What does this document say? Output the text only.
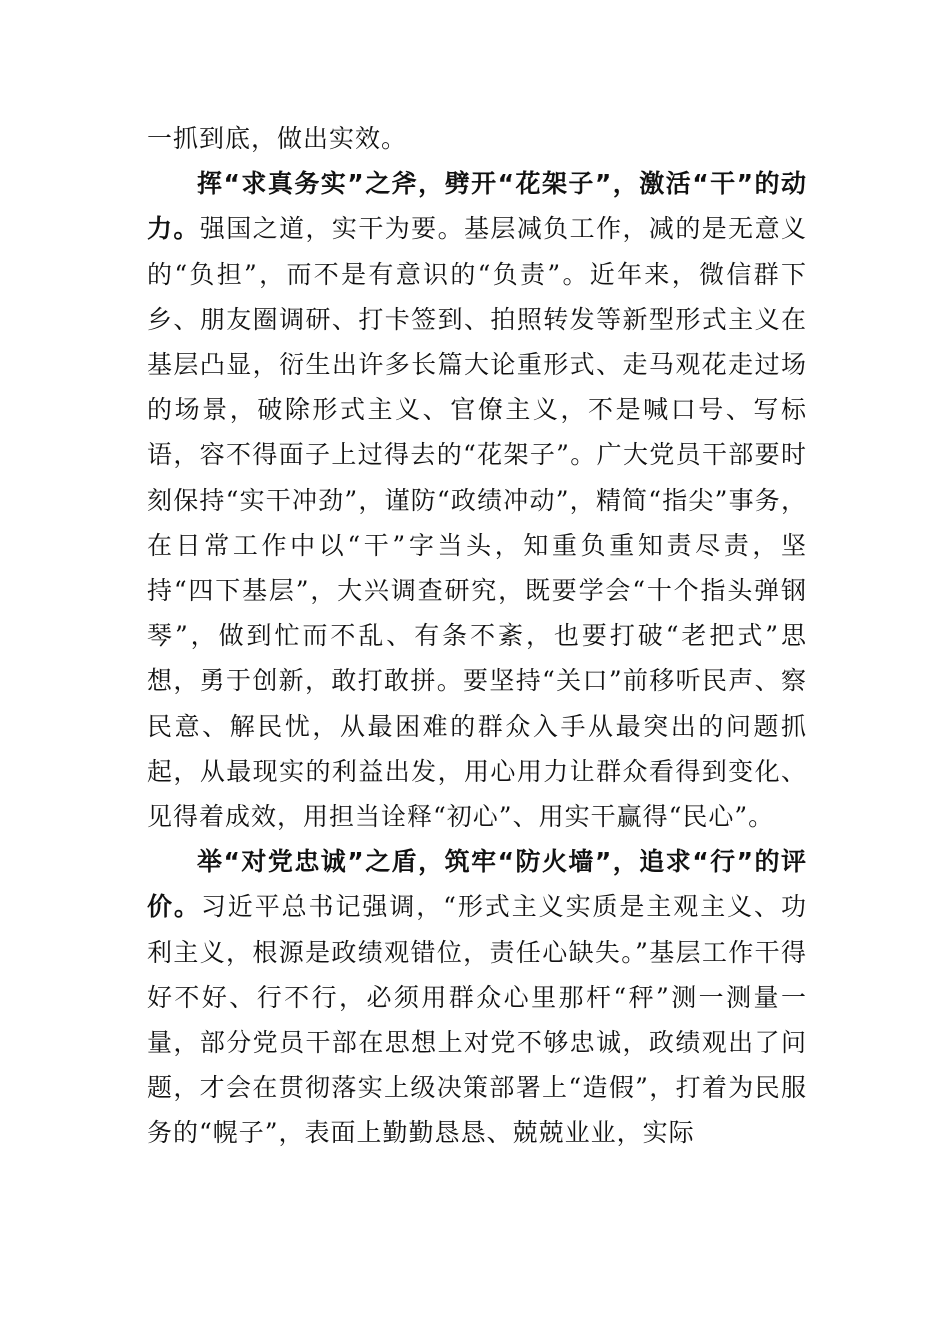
一抓到底，做出实效。

挥“求真务实”之斧，劈开“花架子”，激活“干”的动力。强国之道，实干为要。基层减负工作，减的是无意义的“负担”，而不是有意识的“负责”。近年来，微信群下乡、朋友圈调研、打卡签到、拍照转发等新型形式主义在基层凸显，衍生出许多长篇大论重形式、走马观花走过场的场景，破除形式主义、官僚主义，不是喊口号、写标语，容不得面子上过得去的“花架子”。广大党员干部要时刻保持“实干冲劲”，谨防“政绩冲动”，精简“指尖”事务，在日常工作中以“干”字当头，知重负重知责尽责，坚持“四下基层”，大兴调查研究，既要学会“十个指头弹钢琴”，做到忙而不乱、有条不紊，也要打破“老把式”思想，勇于创新，敢打敢拼。要坚持“关口”前移听民声、察民意、解民忧，从最困难的群众入手从最突出的问题抓起，从最现实的利益出发，用心用力让群众看得到变化、见得着成效，用担当诠释“初心”、用实干赢得“民心”。

举“对党忠诚”之盾，筑牢“防火墙”，追求“行”的评价。习近平总书记强调，“形式主义实质是主观主义、功利主义，根源是政绩观错位，责任心缺失。”基层工作干得好不好、行不行，必须用群众心里那杆“秤”测一测量一量，部分党员干部在思想上对党不够忠诚，政绩观出了问题，才会在贯彻落实上级决策部署上“造假”，打着为民服务的“幌子”，表面上勤勤恳恳、兢兢业业，实际
